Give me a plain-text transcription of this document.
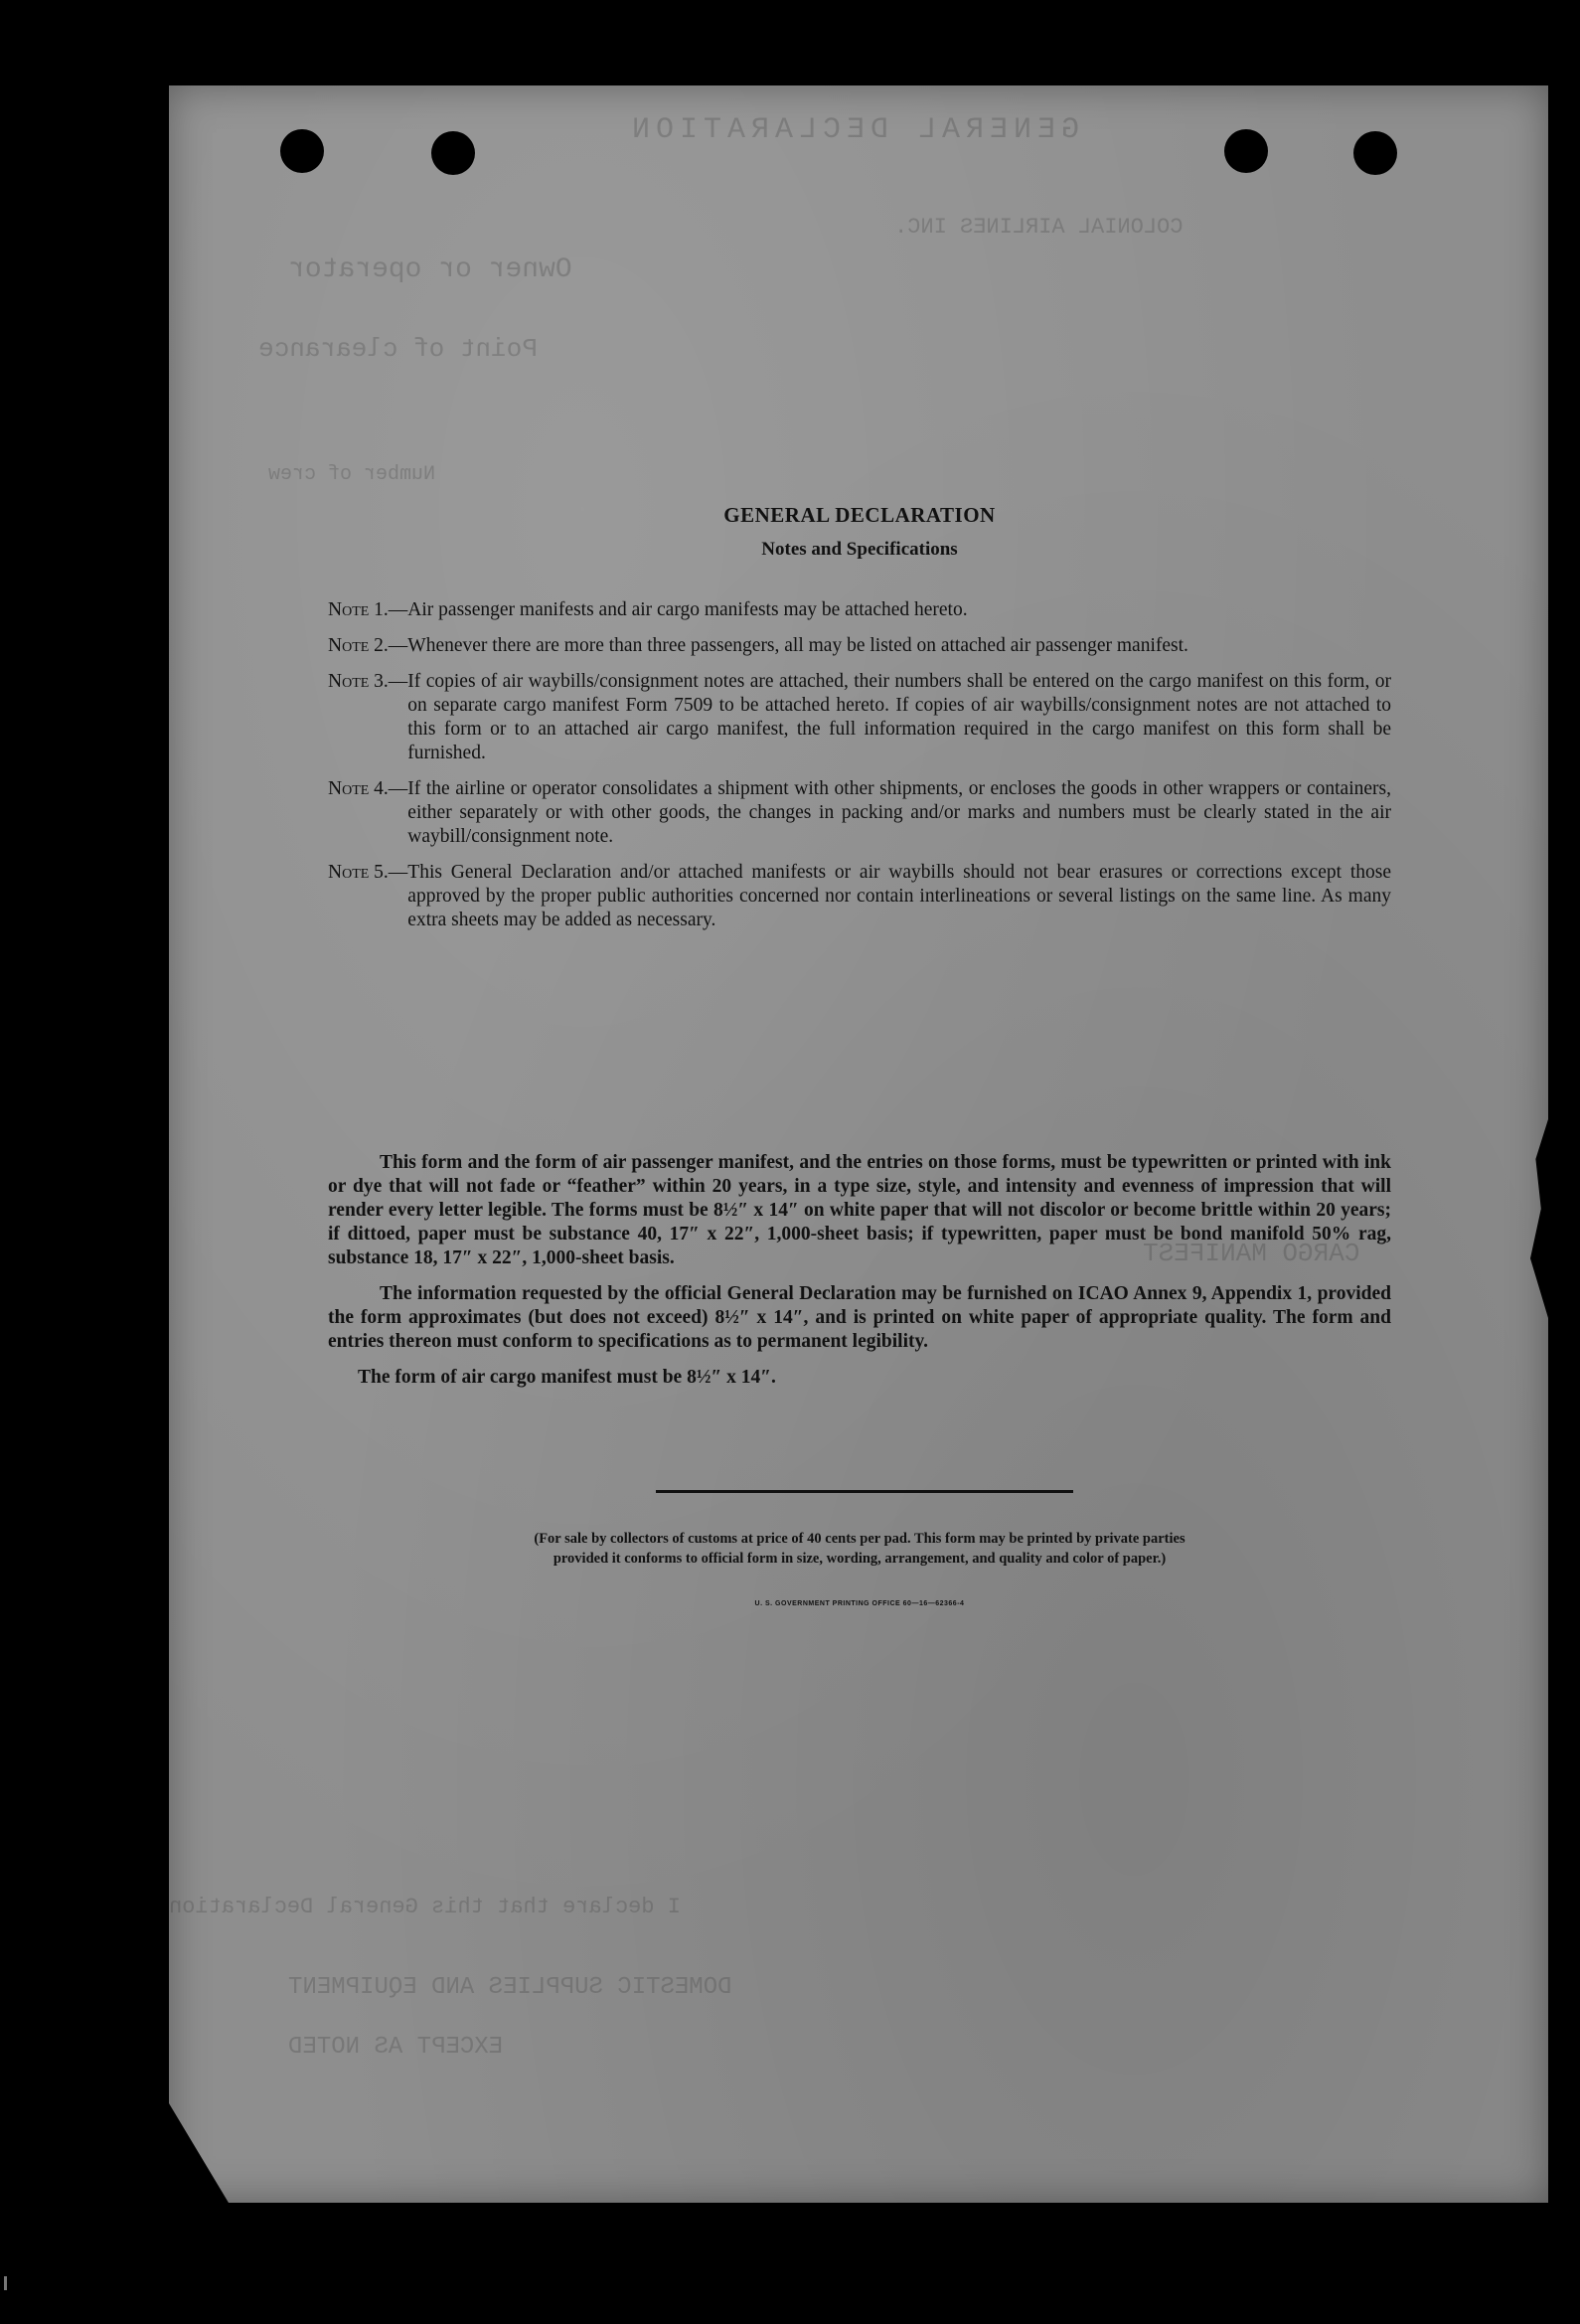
GENERAL DECLARATION
COLONIAL AIRLINES INC.
Owner or operator
Point of clearance
Number of crew
CARGO MANIFEST
DOMESTIC SUPPLIES AND EQUIPMENT
EXCEPT AS NOTED
I declare that this General Declaration
GENERAL DECLARATION
Notes and Specifications
Note 1.— Air passenger manifests and air cargo manifests may be attached hereto.
Note 2.— Whenever there are more than three passengers, all may be listed on attached air passenger manifest.
Note 3.— If copies of air waybills/consignment notes are attached, their numbers shall be entered on the cargo manifest on this form, or on separate cargo manifest Form 7509 to be attached hereto. If copies of air waybills/consignment notes are not attached to this form or to an attached air cargo manifest, the full information required in the cargo manifest on this form shall be furnished.
Note 4.— If the airline or operator consolidates a shipment with other shipments, or encloses the goods in other wrappers or containers, either separately or with other goods, the changes in packing and/or marks and numbers must be clearly stated in the air waybill/consignment note.
Note 5.— This General Declaration and/or attached manifests or air waybills should not bear erasures or corrections except those approved by the proper public authorities concerned nor contain interlineations or several listings on the same line. As many extra sheets may be added as necessary.

This form and the form of air passenger manifest, and the entries on those forms, must be typewritten or printed with ink or dye that will not fade or “feather” within 20 years, in a type size, style, and intensity and evenness of impression that will render every letter legible. The forms must be 8½″ x 14″ on white paper that will not discolor or become brittle within 20 years; if dittoed, paper must be substance 40, 17″ x 22″, 1,000-sheet basis; if typewritten, paper must be bond manifold 50% rag, substance 18, 17″ x 22″, 1,000-sheet basis.

The information requested by the official General Declaration may be furnished on ICAO Annex 9, Appendix 1, provided the form approximates (but does not exceed) 8½″ x 14″, and is printed on white paper of appropriate quality. The form and entries thereon must conform to specifications as to permanent legibility.

The form of air cargo manifest must be 8½″ x 14″.

(For sale by collectors of customs at price of 40 cents per pad. This form may be printed by private parties
provided it conforms to official form in size, wording, arrangement, and quality and color of paper.)
U. S. GOVERNMENT PRINTING OFFICE 60—16—62366-4
